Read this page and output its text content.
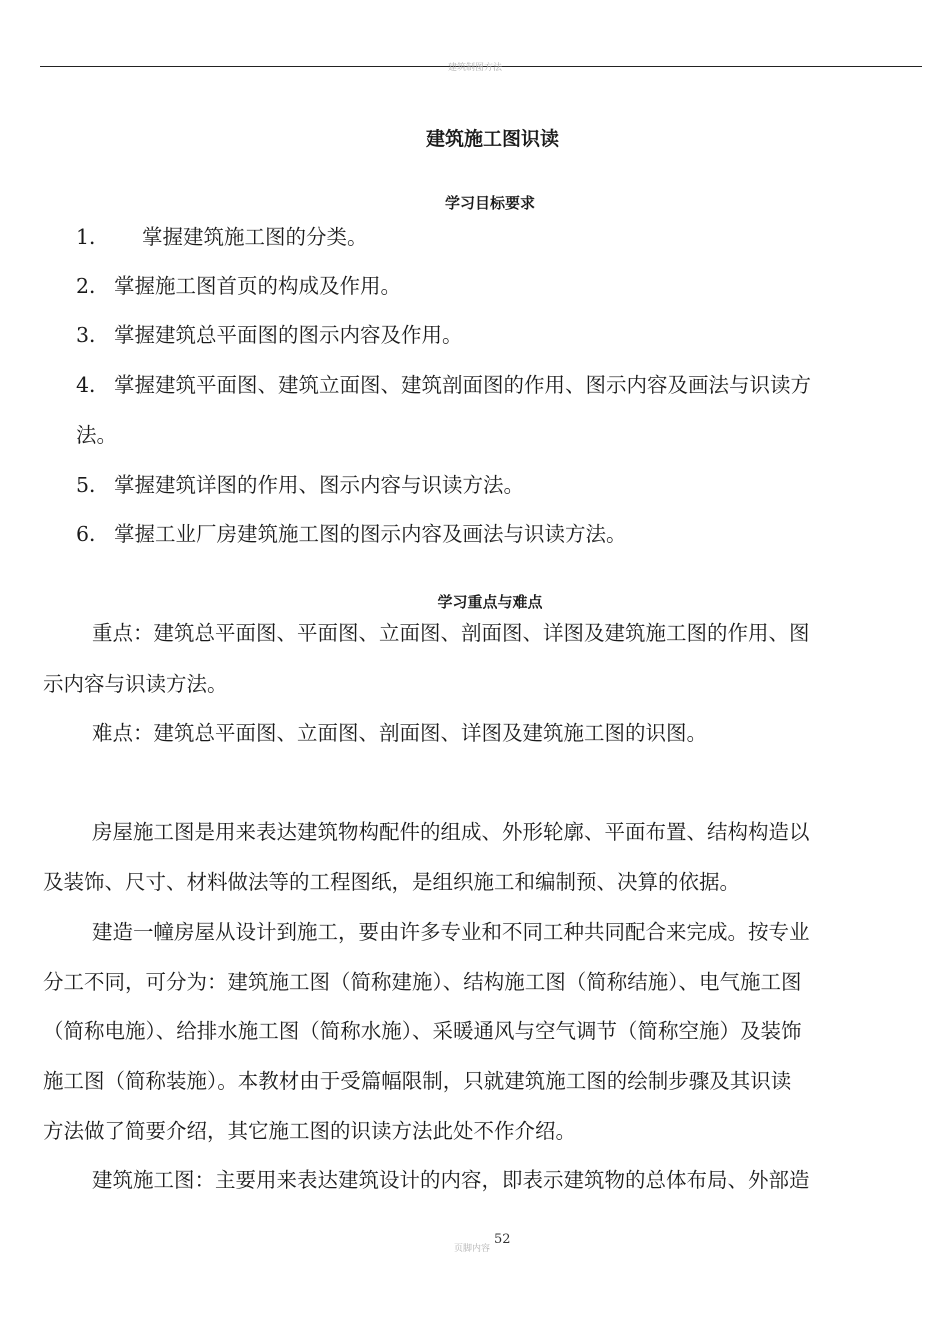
建筑制图方法
建筑施工图识读
学习目标要求
1． 掌握建筑施工图的分类。
2． 掌握施工图首页的构成及作用。
3． 掌握建筑总平面图的图示内容及作用。
4． 掌握建筑平面图、建筑立面图、建筑剖面图的作用、图示内容及画法与识读方
法。
5． 掌握建筑详图的作用、图示内容与识读方法。
6． 掌握工业厂房建筑施工图的图示内容及画法与识读方法。
学习重点与难点
重点：建筑总平面图、平面图、立面图、剖面图、详图及建筑施工图的作用、图
示内容与识读方法。
难点：建筑总平面图、立面图、剖面图、详图及建筑施工图的识图。
房屋施工图是用来表达建筑物构配件的组成、外形轮廓、平面布置、结构构造以
及装饰、尺寸、材料做法等的工程图纸，是组织施工和编制预、决算的依据。
建造一幢房屋从设计到施工，要由许多专业和不同工种共同配合来完成。按专业
分工不同，可分为：建筑施工图（简称建施）、结构施工图（简称结施）、电气施工图
（简称电施）、给排水施工图（简称水施）、采暖通风与空气调节（简称空施）及装饰
施工图（简称装施）。本教材由于受篇幅限制，只就建筑施工图的绘制步骤及其识读
方法做了简要介绍，其它施工图的识读方法此处不作介绍。
建筑施工图：主要用来表达建筑设计的内容，即表示建筑物的总体布局、外部造
页脚内容
52
